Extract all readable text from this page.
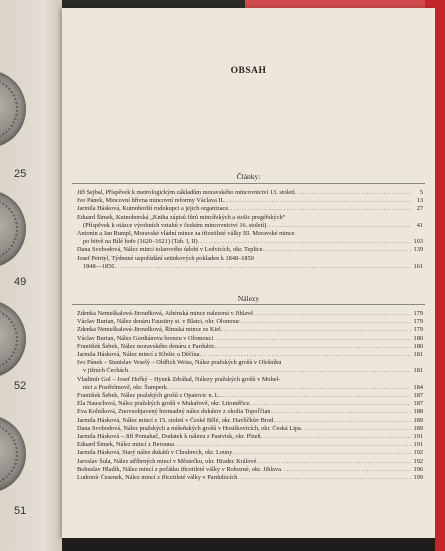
25
49
52
51
OBSAH
Články:
Jiří Sejbal, Příspěvek k metrologickým základům moravského mincovnictví 13. století .....	5
Ivo Pánek, Mincovní hřivna mincovní reformy Václava II. .....	13
Jarmila Hásková, Kutnohorští rudokupci a jejich organizace .....	27
Eduard Šimek, Kutnohorská „Kniha zápisů fůrů mincířských a stolic pregéřských“
(Příspěvek k otázce výrobních vztahů v českém mincovnictví 16. století) .....	41
Antonín a Jan Rumpl, Moravské vládní mince za třicetileté války III. Moravské mince
po bitvě na Bílé hoře (1620–1621) (Tab. I, II) .....	103
Dana Svobodová, Nález mincí tolarového údobí v Ledvicích, okr. Teplice .....	139
Josef Petrtyl, Týdenné uspořádání setinkových pokladen k 1848–1850
1848—1850 .....	161
Nálezy
Zdenka Nemeškalová-Jiroudková, Athénská mince nalezená v Jihlavě .....	179
Václav Burian, Nález denáru Faustiny st. v Blatci, okr. Olomouc .....	179
Zdenka Nemeškalová-Jiroudková, Římská mince ze Kiel .....	179
Václav Burian, Nález Gordiánova bronzu v Olomouci .....	180
František Šebek, Nález moravského denáru z Pardubic .....	180
Jarmila Hásková, Nález mincí z Křešic u Děčína .....	181
Ivo Pánek – Stanislav Veselý – Oldřich Weiss, Nález pražských grošů v Olešníku
v jižních Čechách .....	181
Vladimír Gol – Josef Hořký – Hynek Zdráhal, Nálezy pražských grošů v Mohel-
nici a Postřelmově, okr. Šumperk .....	184
František Šebek, Nález pražských grošů z Opatovic n. L. .....	187
Ela Nauschová, Nález pražských grošů v Mukařově, okr. Litoměřice .....	187
Eva Kolníková, Znovuobjavený hromadný nález dukátov z okolia Topoľčian .....	188
Jarmila Hásková, Nález mincí z 15. století v České Bělé, okr. Havlíčkův Brod .....	189
Dana Svobodová, Nález pražských a míšeňských grošů v Hostíkovicích, okr. Česká Lípa .....	189
Jarmila Hásková – Jiří Pomahač, Dodatek k nálezu z Pastvisk, okr. Plzeň .....	191
Eduard Šimek, Nález mincí z Berouna .....	191
Jarmila Hásková, Starý nález dukátů v Chrabrech, okr. Louny .....	192
Jaroslav Šula, Nález stříbrných mincí v Městečku, okr. Hradec Králové .....	192
Bohuslav Hladík, Nález mincí z počátku třicetileté války v Rohozné, okr. Jihlava .....	196
Ludomír Česenek, Nález mincí z třicetileté války v Pardubicích .....	199
